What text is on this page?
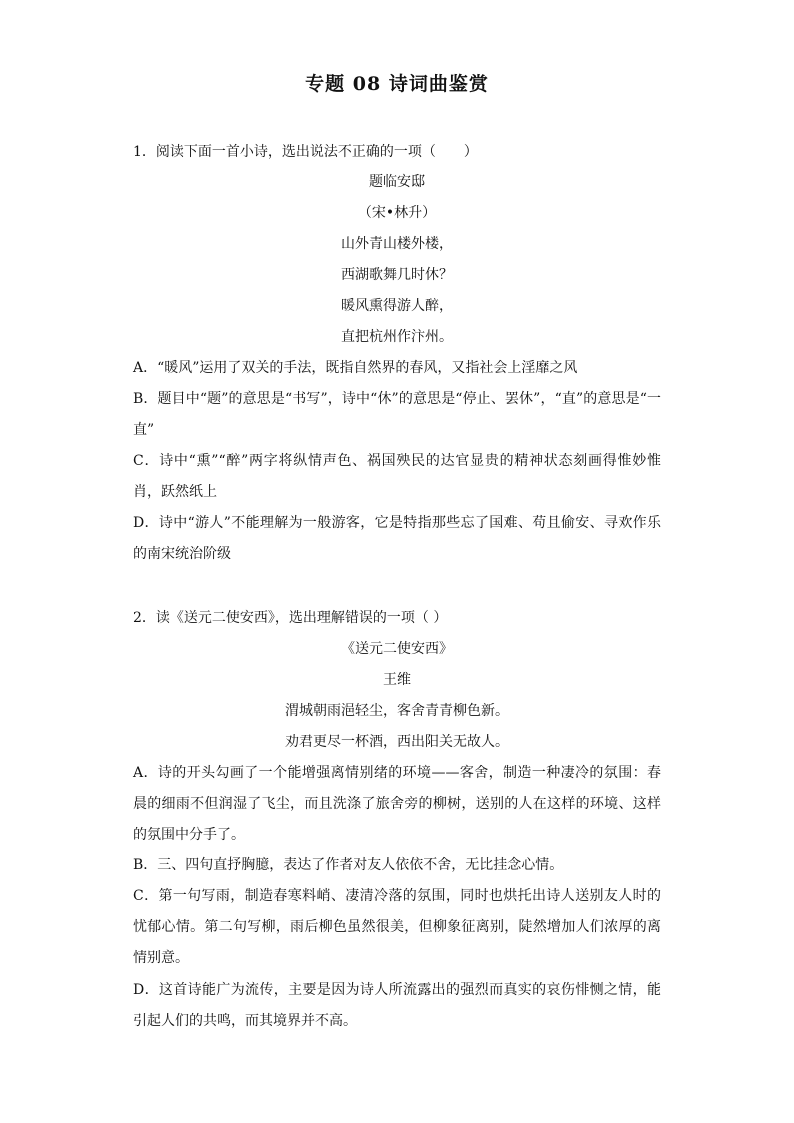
专题 08 诗词曲鉴赏
1．阅读下面一首小诗，选出说法不正确的一项（　　）
题临安邸
（宋•林升）
山外青山楼外楼，
西湖歌舞几时休？
暖风熏得游人醉，
直把杭州作汴州。
A．“暖风”运用了双关的手法，既指自然界的春风，又指社会上淫靡之风
B．题目中“题”的意思是“书写”，诗中“休”的意思是“停止、罢休”，“直”的意思是“一直”
C．诗中“熏”“醉”两字将纵情声色、祸国殃民的达官显贵的精神状态刻画得惟妙惟肖，跃然纸上
D．诗中“游人”不能理解为一般游客，它是特指那些忘了国难、苟且偷安、寻欢作乐的南宋统治阶级
2．读《送元二使安西》，选出理解错误的一项（ ）
《送元二使安西》
王维
渭城朝雨浥轻尘，客舍青青柳色新。
劝君更尽一杯酒，西出阳关无故人。
A．诗的开头勾画了一个能增强离情别绪的环境——客舍，制造一种凄冷的氛围：春晨的细雨不但润湿了飞尘，而且洗涤了旅舍旁的柳树，送别的人在这样的环境、这样的氛围中分手了。
B．三、四句直抒胸臆，表达了作者对友人依依不舍，无比挂念心情。
C．第一句写雨，制造春寒料峭、凄清冷落的氛围，同时也烘托出诗人送别友人时的忧郁心情。第二句写柳，雨后柳色虽然很美，但柳象征离别，陡然增加人们浓厚的离情别意。
D．这首诗能广为流传，主要是因为诗人所流露出的强烈而真实的哀伤悱恻之情，能引起人们的共鸣，而其境界并不高。
